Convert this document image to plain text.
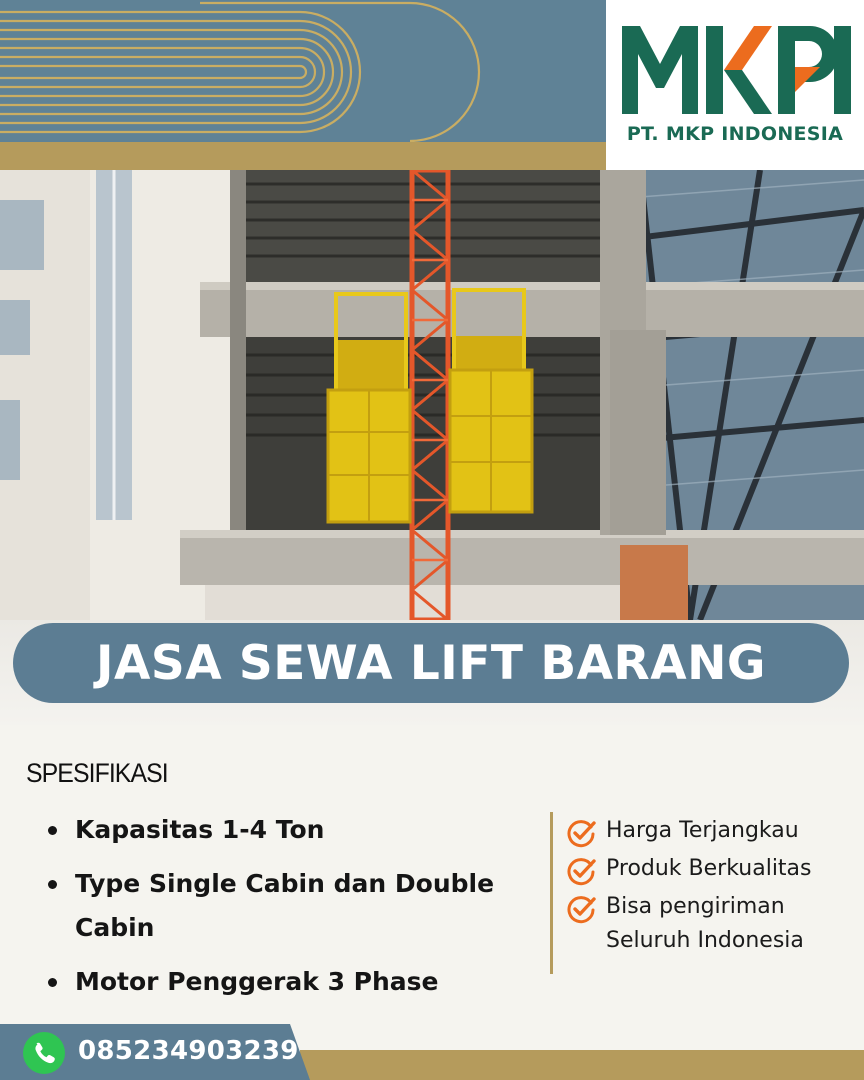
PT. MKP INDONESIA
JASA SEWA LIFT BARANG
SPESIFIKASI
Kapasitas 1-4 Ton
Type Single Cabin dan Double Cabin
Motor Penggerak 3 Phase
Harga Terjangkau
Produk Berkualitas
Bisa pengiriman Seluruh Indonesia
085234903239
